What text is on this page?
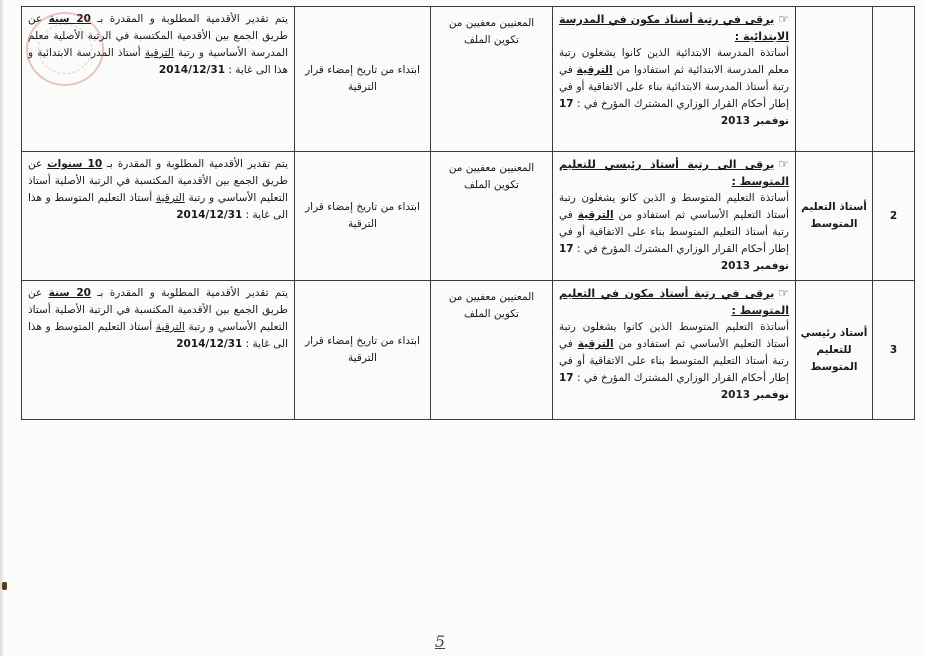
		☞يرقى في رتبة أستاذ مكون في المدرسة الابتدائية :
أساتذة المدرسة الابتدائية الذين كانوا يشغلون رتبة معلم المدرسة الابتدائية ثم استفادوا من الترقية في رتبة أستاذ المدرسة الابتدائية بناء على الاتفاقية أو في إطار أحكام القرار الوزاري المشترك المؤرخ في : 17 نوفمبر 2013	المعنيين معفيين من تكوين الملف	ابتداء من تاريخ إمضاء قرار الترقية	يتم تقدير الأقدمية المطلوبة و المقدرة بـ 20 سنة عن طريق الجمع بين الأقدمية المكتسبة في الرتبة الأصلية معلم المدرسة الأساسية و رتبة الترقية أستاذ المدرسة الابتدائية و هذا الى غاية : 2014/12/31
2	أستاذ التعليم المتوسط	☞يرقى الى رتبة أستاذ رئيسي للتعليم المتوسط :
أساتذة التعليم المتوسط و الذين كانو يشغلون رتبة أستاذ التعليم الأساسي ثم استفادو من الترقية في رتبة أستاذ التعليم المتوسط بناء على الاتفاقية أو في إطار أحكام القرار الوزاري المشترك المؤرخ في : 17 نوفمبر 2013	المعنيين معفيين من تكوين الملف	ابتداء من تاريخ إمضاء قرار الترقية	يتم تقدير الأقدمية المطلوبة و المقدرة بـ 10 سنوات عن طريق الجمع بين الأقدمية المكتسبة في الرتبة الأصلية أستاذ التعليم الأساسي و رتبة الترقية أستاذ التعليم المتوسط و هذا الى غاية : 2014/12/31
3	أستاذ رئيسي للتعليم المتوسط	☞يرقى في رتبة أستاذ مكون في التعليم المتوسط :
أساتذة التعليم المتوسط الذين كانوا يشغلون رتبة أستاذ التعليم الأساسي ثم استفادو من الترقية في رتبة أستاذ التعليم المتوسط بناء على الاتفاقية أو في إطار أحكام القرار الوزاري المشترك المؤرخ في : 17 نوفمبر 2013	المعنيين معفيين من تكوين الملف	ابتداء من تاريخ إمضاء قرار الترقية	يتم تقدير الأقدمية المطلوبة و المقدرة بـ 20 سنة عن طريق الجمع بين الأقدمية المكتسبة في الرتبة الأصلية أستاذ التعليم الأساسي و رتبة الترقية أستاذ التعليم المتوسط و هذا الى غاية : 2014/12/31
5
